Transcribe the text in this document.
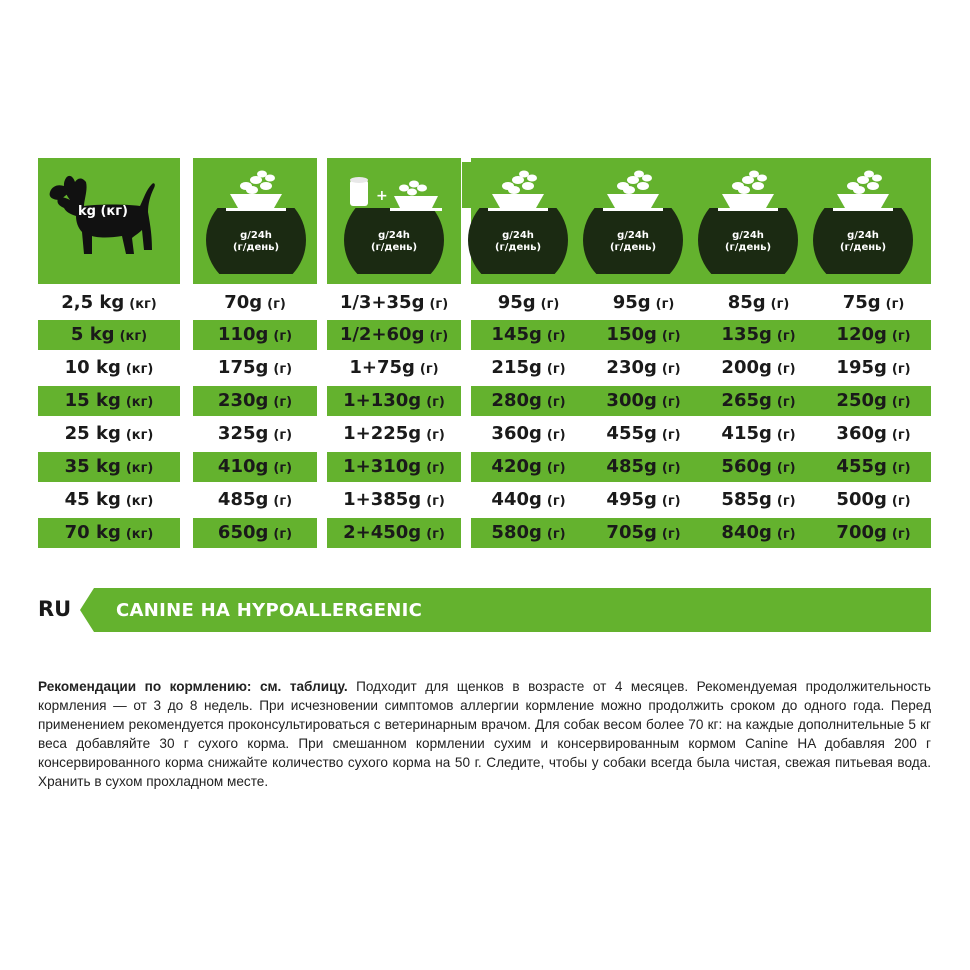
kg (кг)
g/24h
(г/день)
+
g/24h
(г/день)
g/24h
(г/день)
g/24h
(г/день)
g/24h
(г/день)
g/24h
(г/день)
2,5 kg (кг)	70g (г)	1/3+35g (г)	95g (г)	95g (г)	85g (г)	75g (г)
5 kg (кг)	110g (г)	1/2+60g (г)	145g (г)	150g (г)	135g (г)	120g (г)
10 kg (кг)	175g (г)	1+75g (г)	215g (г)	230g (г)	200g (г)	195g (г)
15 kg (кг)	230g (г)	1+130g (г)	280g (г)	300g (г)	265g (г)	250g (г)
25 kg (кг)	325g (г)	1+225g (г)	360g (г)	455g (г)	415g (г)	360g (г)
35 kg (кг)	410g (г)	1+310g (г)	420g (г)	485g (г)	560g (г)	455g (г)
45 kg (кг)	485g (г)	1+385g (г)	440g (г)	495g (г)	585g (г)	500g (г)
70 kg (кг)	650g (г)	2+450g (г)	580g (г)	705g (г)	840g (г)	700g (г)
RU CANINE HA HYPOALLERGENIC
Рекомендации по кормлению: см. таблицу. Подходит для щенков в возрасте от 4 месяцев. Рекомендуемая продолжительность кормления — от 3 до 8 недель. При исчезновении симптомов аллергии кормление можно продолжить сроком до одного года. Перед применением рекомендуется проконсультироваться с ветеринарным врачом. Для собак весом более 70 кг: на каждые дополнительные 5 кг веса добавляйте 30 г сухого корма. При смешанном кормлении сухим и консервированным кормом Canine HA добавляя 200 г консервированного корма снижайте количество сухого корма на 50 г. Следите, чтобы у собаки всегда была чистая, свежая питьевая вода. Хранить в сухом прохладном месте.
